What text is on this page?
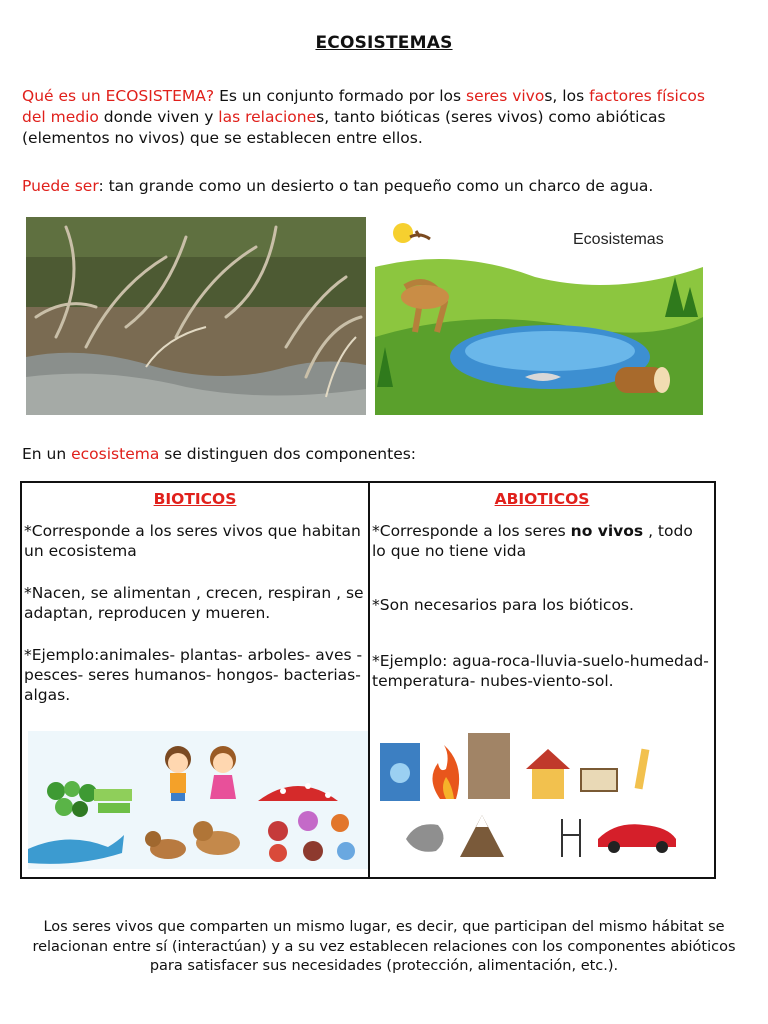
ECOSISTEMAS
Qué es un ECOSISTEMA? Es un conjunto formado por los seres vivos, los factores físicos del medio donde viven y las relaciones, tanto bióticas (seres vivos) como abióticas (elementos no vivos) que se establecen entre ellos.
Puede ser: tan grande como un desierto o tan pequeño como un charco de agua.
Ecosistemas
En un ecosistema se distinguen dos componentes:
BIOTICOS

*Corresponde a los seres vivos que habitan un ecosistema

*Nacen, se alimentan , crecen, respiran , se adaptan, reproducen y mueren.

*Ejemplo:animales- plantas- arboles- aves - pesces- seres humanos- hongos- bacterias- algas.

ABIOTICOS

*Corresponde a los seres no vivos , todo lo que no tiene vida

*Son necesarios para los bióticos.

*Ejemplo: agua-roca-lluvia-suelo-humedad-temperatura- nubes-viento-sol.

Los seres vivos que comparten un mismo lugar, es decir, que participan del mismo hábitat se relacionan entre sí (interactúan) y a su vez establecen relaciones con los componentes abióticos para satisfacer sus necesidades (protección, alimentación, etc.).
